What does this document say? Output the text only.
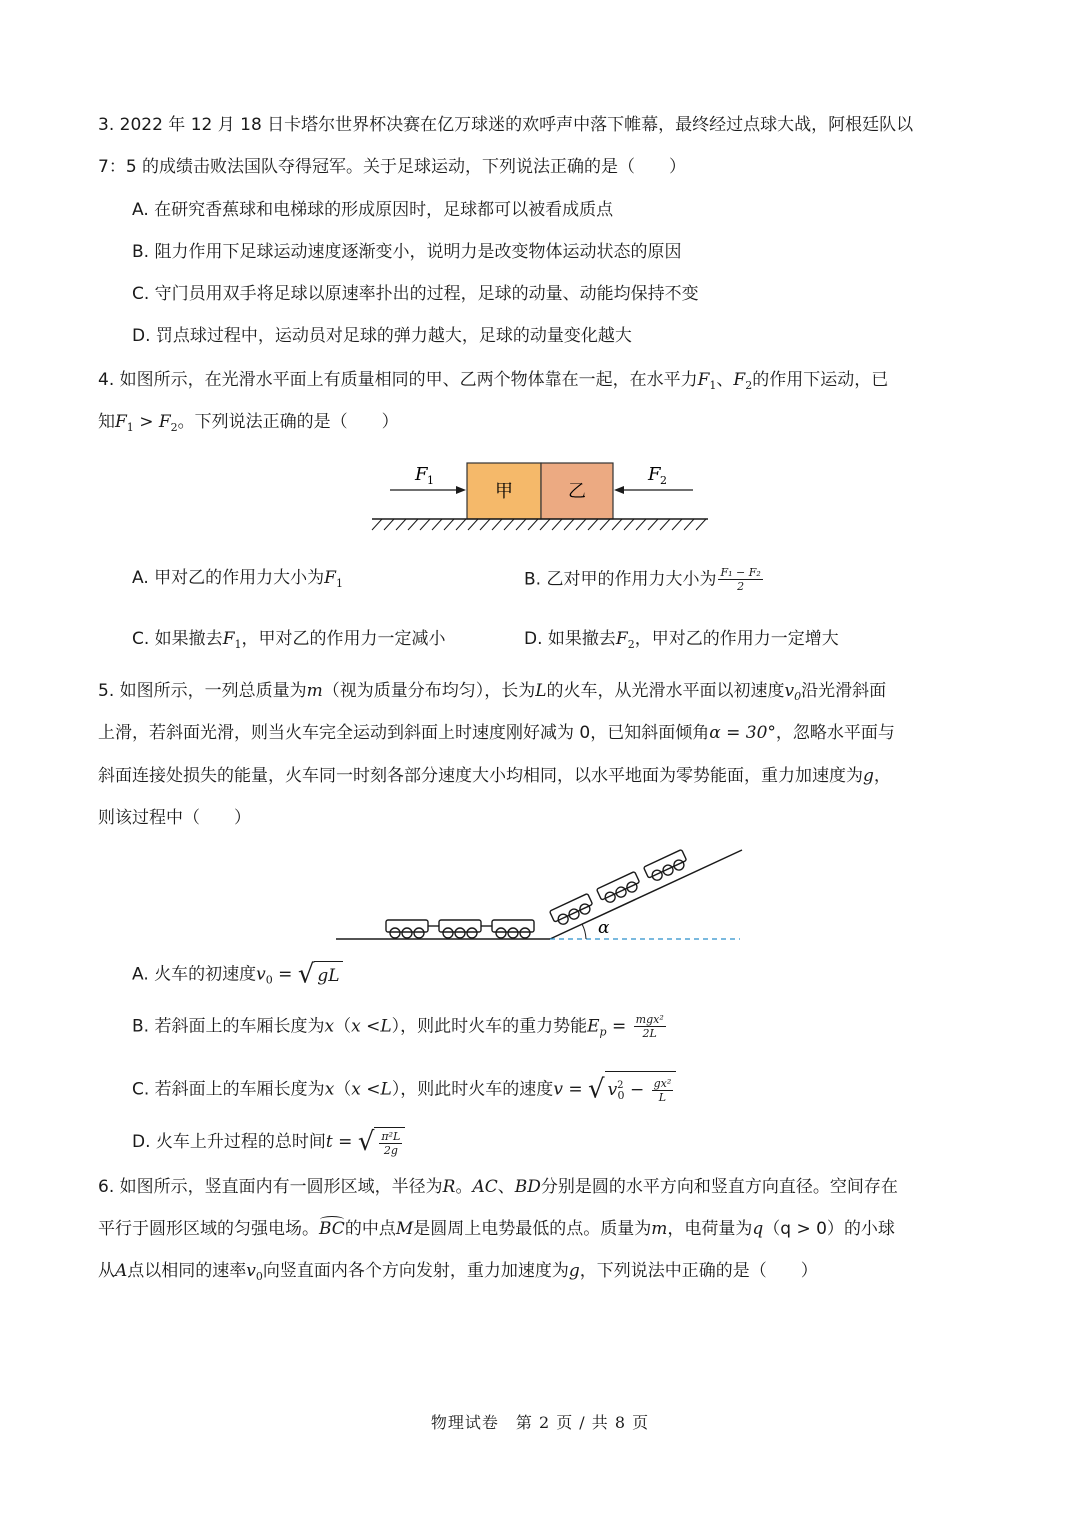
3. 2022 年 12 月 18 日卡塔尔世界杯决赛在亿万球迷的欢呼声中落下帷幕，最终经过点球大战，阿根廷队以
7：5 的成绩击败法国队夺得冠军。关于足球运动，下列说法正确的是（　　）
A. 在研究香蕉球和电梯球的形成原因时，足球都可以被看成质点
B. 阻力作用下足球运动速度逐渐变小，说明力是改变物体运动状态的原因
C. 守门员用双手将足球以原速率扑出的过程，足球的动量、动能均保持不变
D. 罚点球过程中，运动员对足球的弹力越大，足球的动量变化越大
4. 如图所示，在光滑水平面上有质量相同的甲、乙两个物体靠在一起，在水平力$F_1$、$F_2$的作用下运动，已
知$F_1 > F_2$。下列说法正确的是（　　）
F 1
甲	乙
F 2
A. 甲对乙的作用力大小为$F_1$	B. 乙对甲的作用力大小为 $\frac{\text{F₁ − F₂}}{2}$
C. 如果撤去$F_1$，甲对乙的作用力一定减小	D. 如果撤去$F_2$，甲对乙的作用力一定增大
5. 如图所示，一列总质量为m（视为质量分布均匀），长为L的火车，从光滑水平面以初速度$v_0$沿光滑斜面
上滑，若斜面光滑，则当火车完全运动到斜面上时速度刚好减为 0，已知斜面倾角α = 30°，忽略水平面与
斜面连接处损失的能量，火车同一时刻各部分速度大小均相同，以水平地面为零势能面，重力加速度为g，
则该过程中（　　）
α
A. 火车的初速度$v_0$ = √ gL
B. 若斜面上的车厢长度为x（x <L），则此时火车的重力势能$E_p = \frac{\text{mgx²}}{2L}$
C. 若斜面上的车厢长度为x（x <L），则此时火车的速度v = √ $v^2_0 - \frac{\text{gx²}}{L}$
D. 火车上升过程的总时间t = √ $\frac{\text{π²L}}{2g}$
6. 如图所示，竖直面内有一圆形区域，半径为R。AC、BD分别是圆的水平方向和竖直方向直径。空间存在
平行于圆形区域的匀强电场。BC
的中点M是圆周上电势最低的点。质量为m，电荷量为q（q > 0）的小球
从A点以相同的速率$v_0$向竖直面内各个方向发射，重力加速度为g，下列说法中正确的是（　　）
物理试卷　第 2 页 / 共 8 页
